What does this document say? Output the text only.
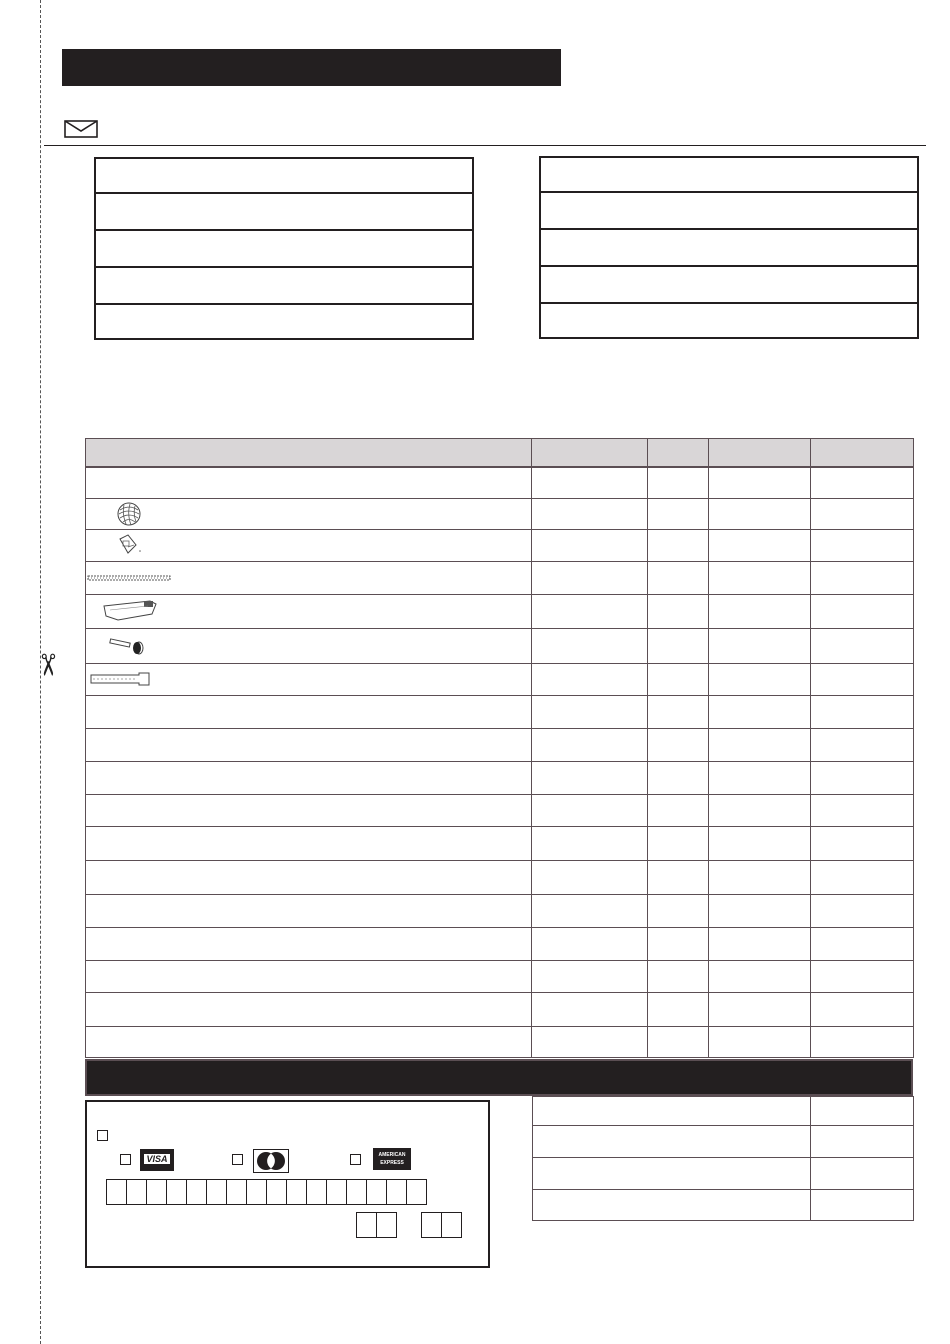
✂

VISA	AMERICAN EXPRESS
